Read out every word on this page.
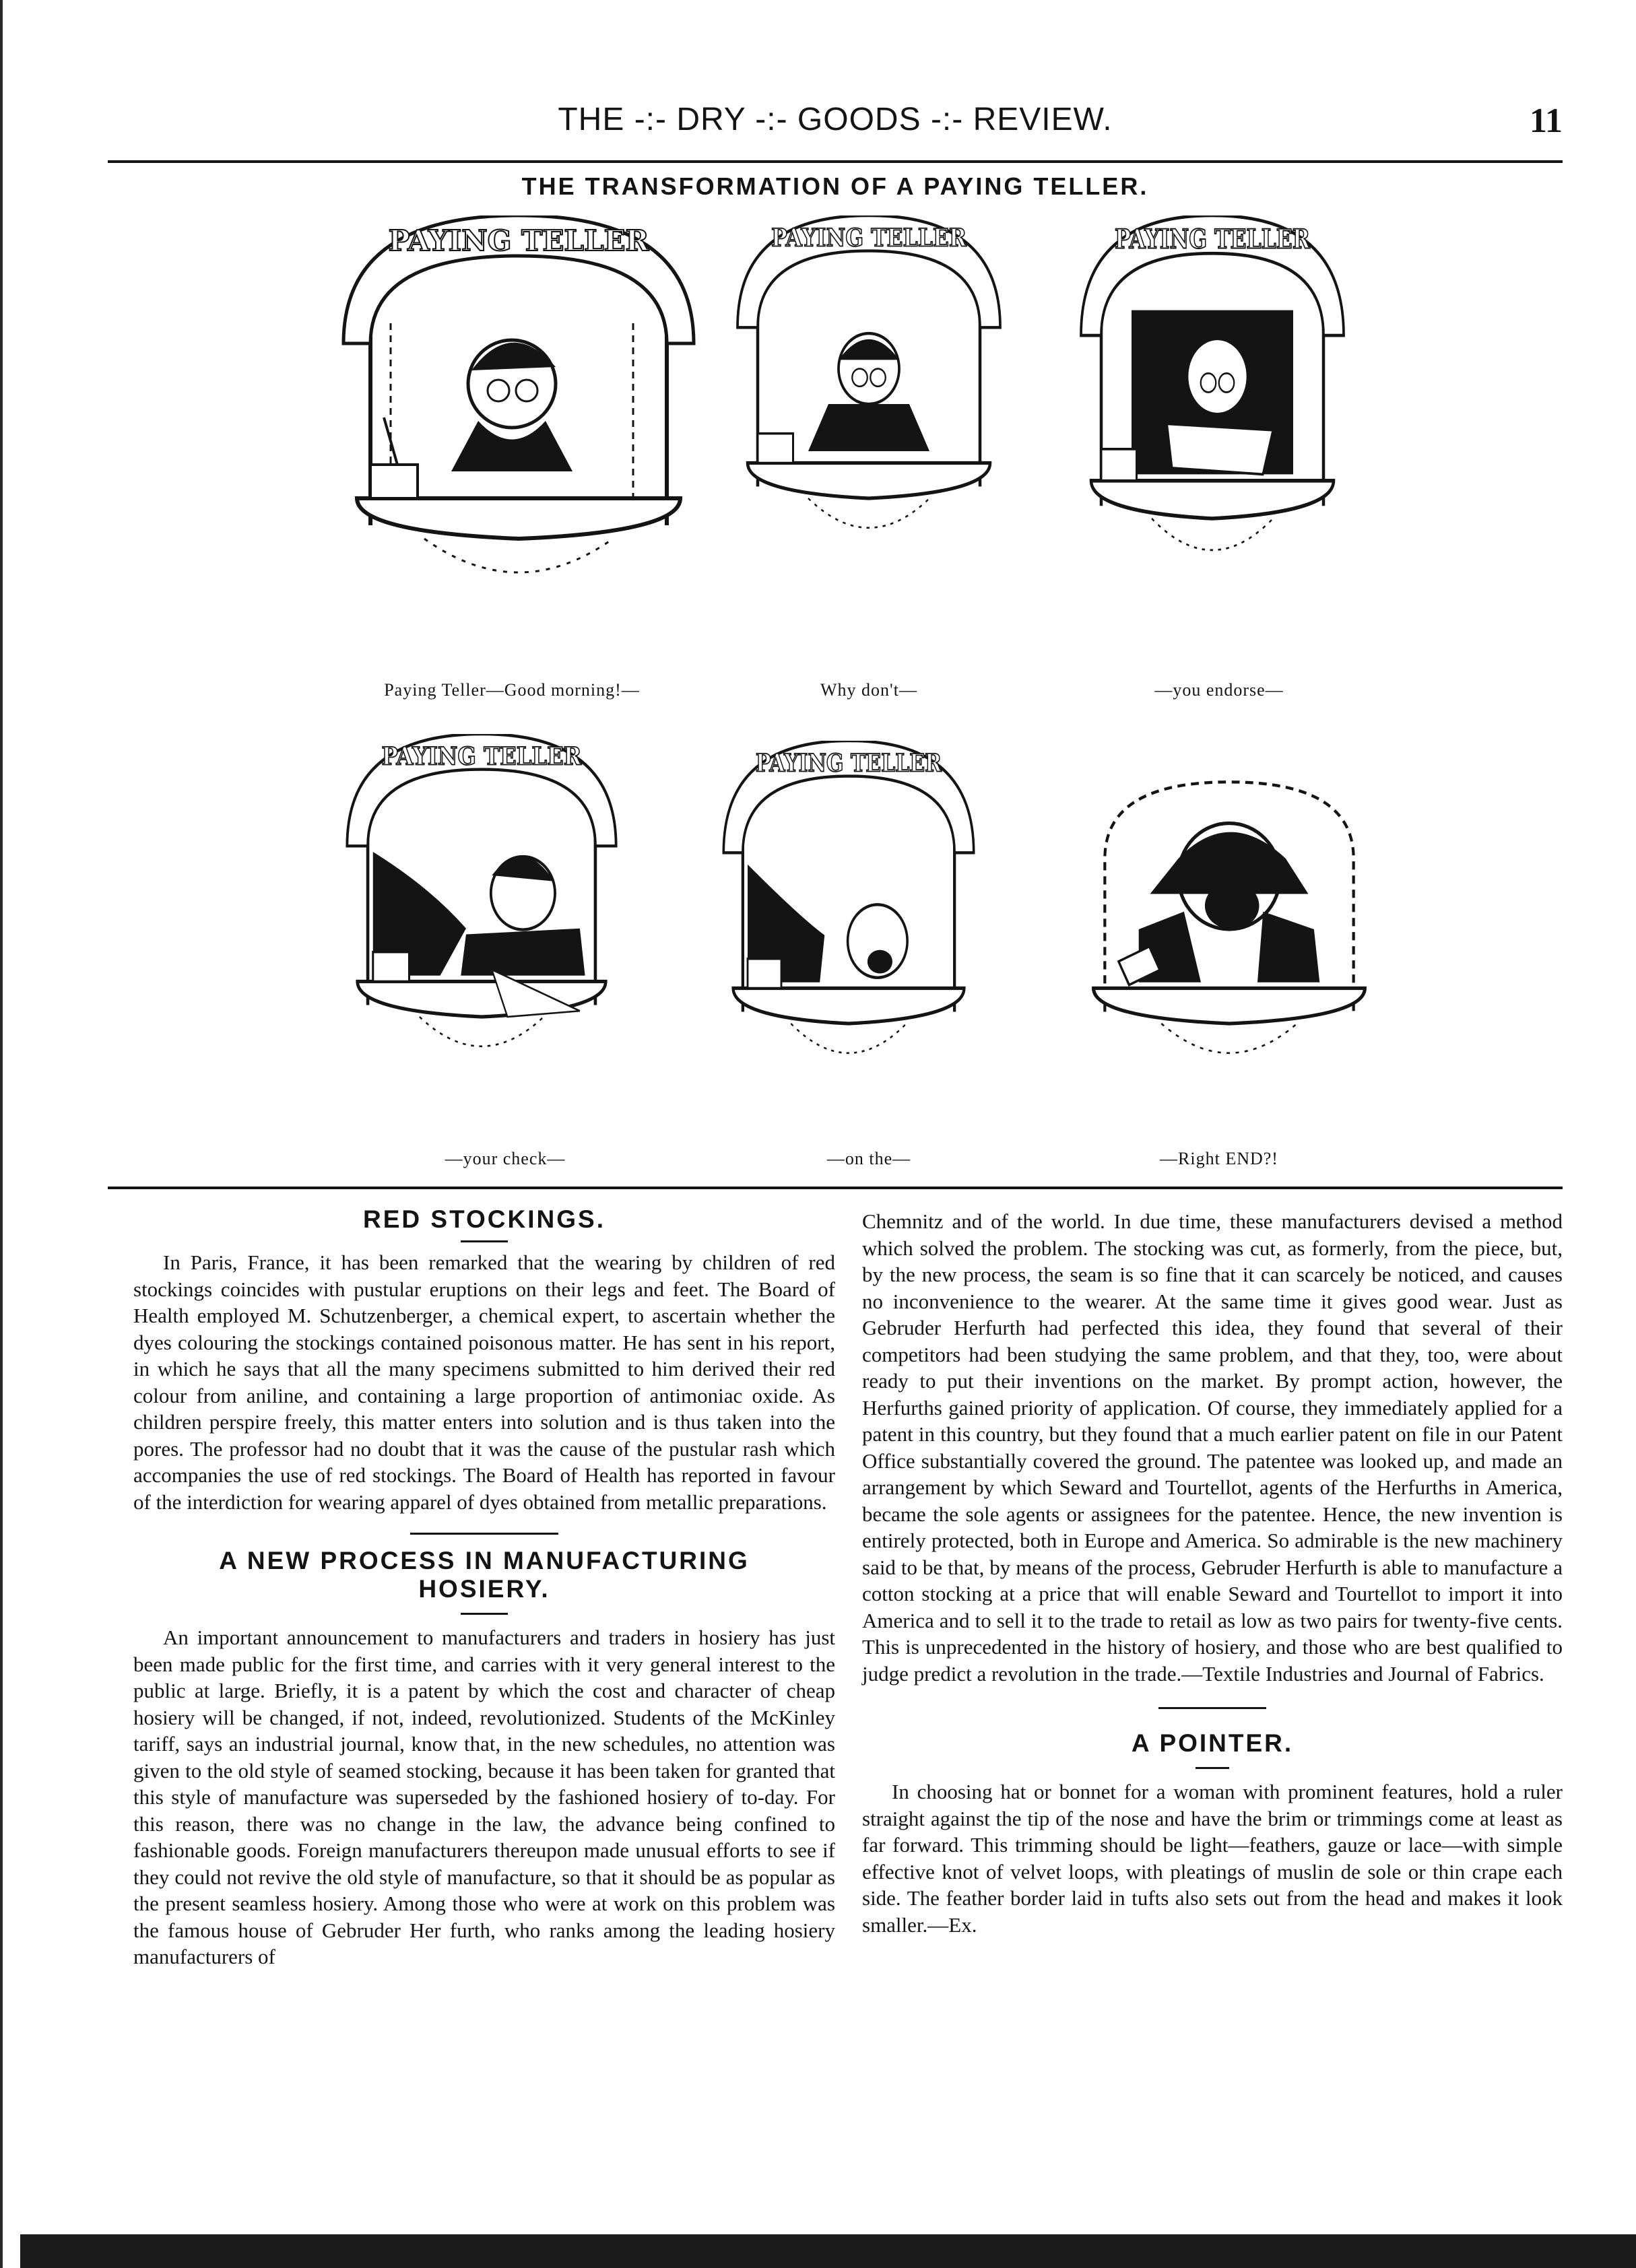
THE -:- DRY -:- GOODS -:- REVIEW.	11
THE TRANSFORMATION OF A PAYING TELLER.
PAYING TELLER	PAYING TELLER	PAYING TELLER
PAYING TELLER	PAYING TELLER
Paying Teller—Good morning!—	Why don't—	—you endorse—
—your check—	—on the—	—Right END?!
RED STOCKINGS.

In Paris, France, it has been remarked that the wearing by children of red stockings coincides with pustular eruptions on their legs and feet. The Board of Health employed M. Schutzenberger, a chemical expert, to ascertain whether the dyes colouring the stockings contained poisonous matter. He has sent in his report, in which he says that all the many specimens submitted to him derived their red colour from aniline, and containing a large proportion of antimoniac oxide. As children perspire freely, this matter enters into solution and is thus taken into the pores. The professor had no doubt that it was the cause of the pustular rash which accompanies the use of red stockings. The Board of Health has reported in favour of the interdiction for wearing apparel of dyes obtained from metallic preparations.

A NEW PROCESS IN MANUFACTURING HOSIERY.

An important announcement to manufacturers and traders in hosiery has just been made public for the first time, and carries with it very general interest to the public at large. Briefly, it is a patent by which the cost and character of cheap hosiery will be changed, if not, indeed, revolutionized. Students of the McKinley tariff, says an industrial journal, know that, in the new schedules, no attention was given to the old style of seamed stocking, because it has been taken for granted that this style of manufacture was superseded by the fashioned hosiery of to-day. For this reason, there was no change in the law, the advance being confined to fashionable goods. Foreign manufacturers thereupon made unusual efforts to see if they could not revive the old style of manufacture, so that it should be as popular as the present seamless hosiery. Among those who were at work on this problem was the famous house of Gebruder Her furth, who ranks among the leading hosiery manufacturers of

Chemnitz and of the world. In due time, these manufacturers devised a method which solved the problem. The stocking was cut, as formerly, from the piece, but, by the new process, the seam is so fine that it can scarcely be noticed, and causes no inconvenience to the wearer. At the same time it gives good wear. Just as Gebruder Herfurth had perfected this idea, they found that several of their competitors had been studying the same problem, and that they, too, were about ready to put their inventions on the market. By prompt action, however, the Herfurths gained priority of application. Of course, they immediately applied for a patent in this country, but they found that a much earlier patent on file in our Patent Office substantially covered the ground. The patentee was looked up, and made an arrangement by which Seward and Tourtellot, agents of the Herfurths in America, became the sole agents or assignees for the patentee. Hence, the new invention is entirely protected, both in Europe and America. So admirable is the new machinery said to be that, by means of the process, Gebruder Herfurth is able to manufacture a cotton stocking at a price that will enable Seward and Tourtellot to import it into America and to sell it to the trade to retail as low as two pairs for twenty-five cents. This is unprecedented in the history of hosiery, and those who are best qualified to judge predict a revolution in the trade.—Textile Industries and Journal of Fabrics.

A POINTER.

In choosing hat or bonnet for a woman with prominent features, hold a ruler straight against the tip of the nose and have the brim or trimmings come at least as far forward. This trimming should be light—feathers, gauze or lace—with simple effective knot of velvet loops, with pleatings of muslin de sole or thin crape each side. The feather border laid in tufts also sets out from the head and makes it look smaller.—Ex.
